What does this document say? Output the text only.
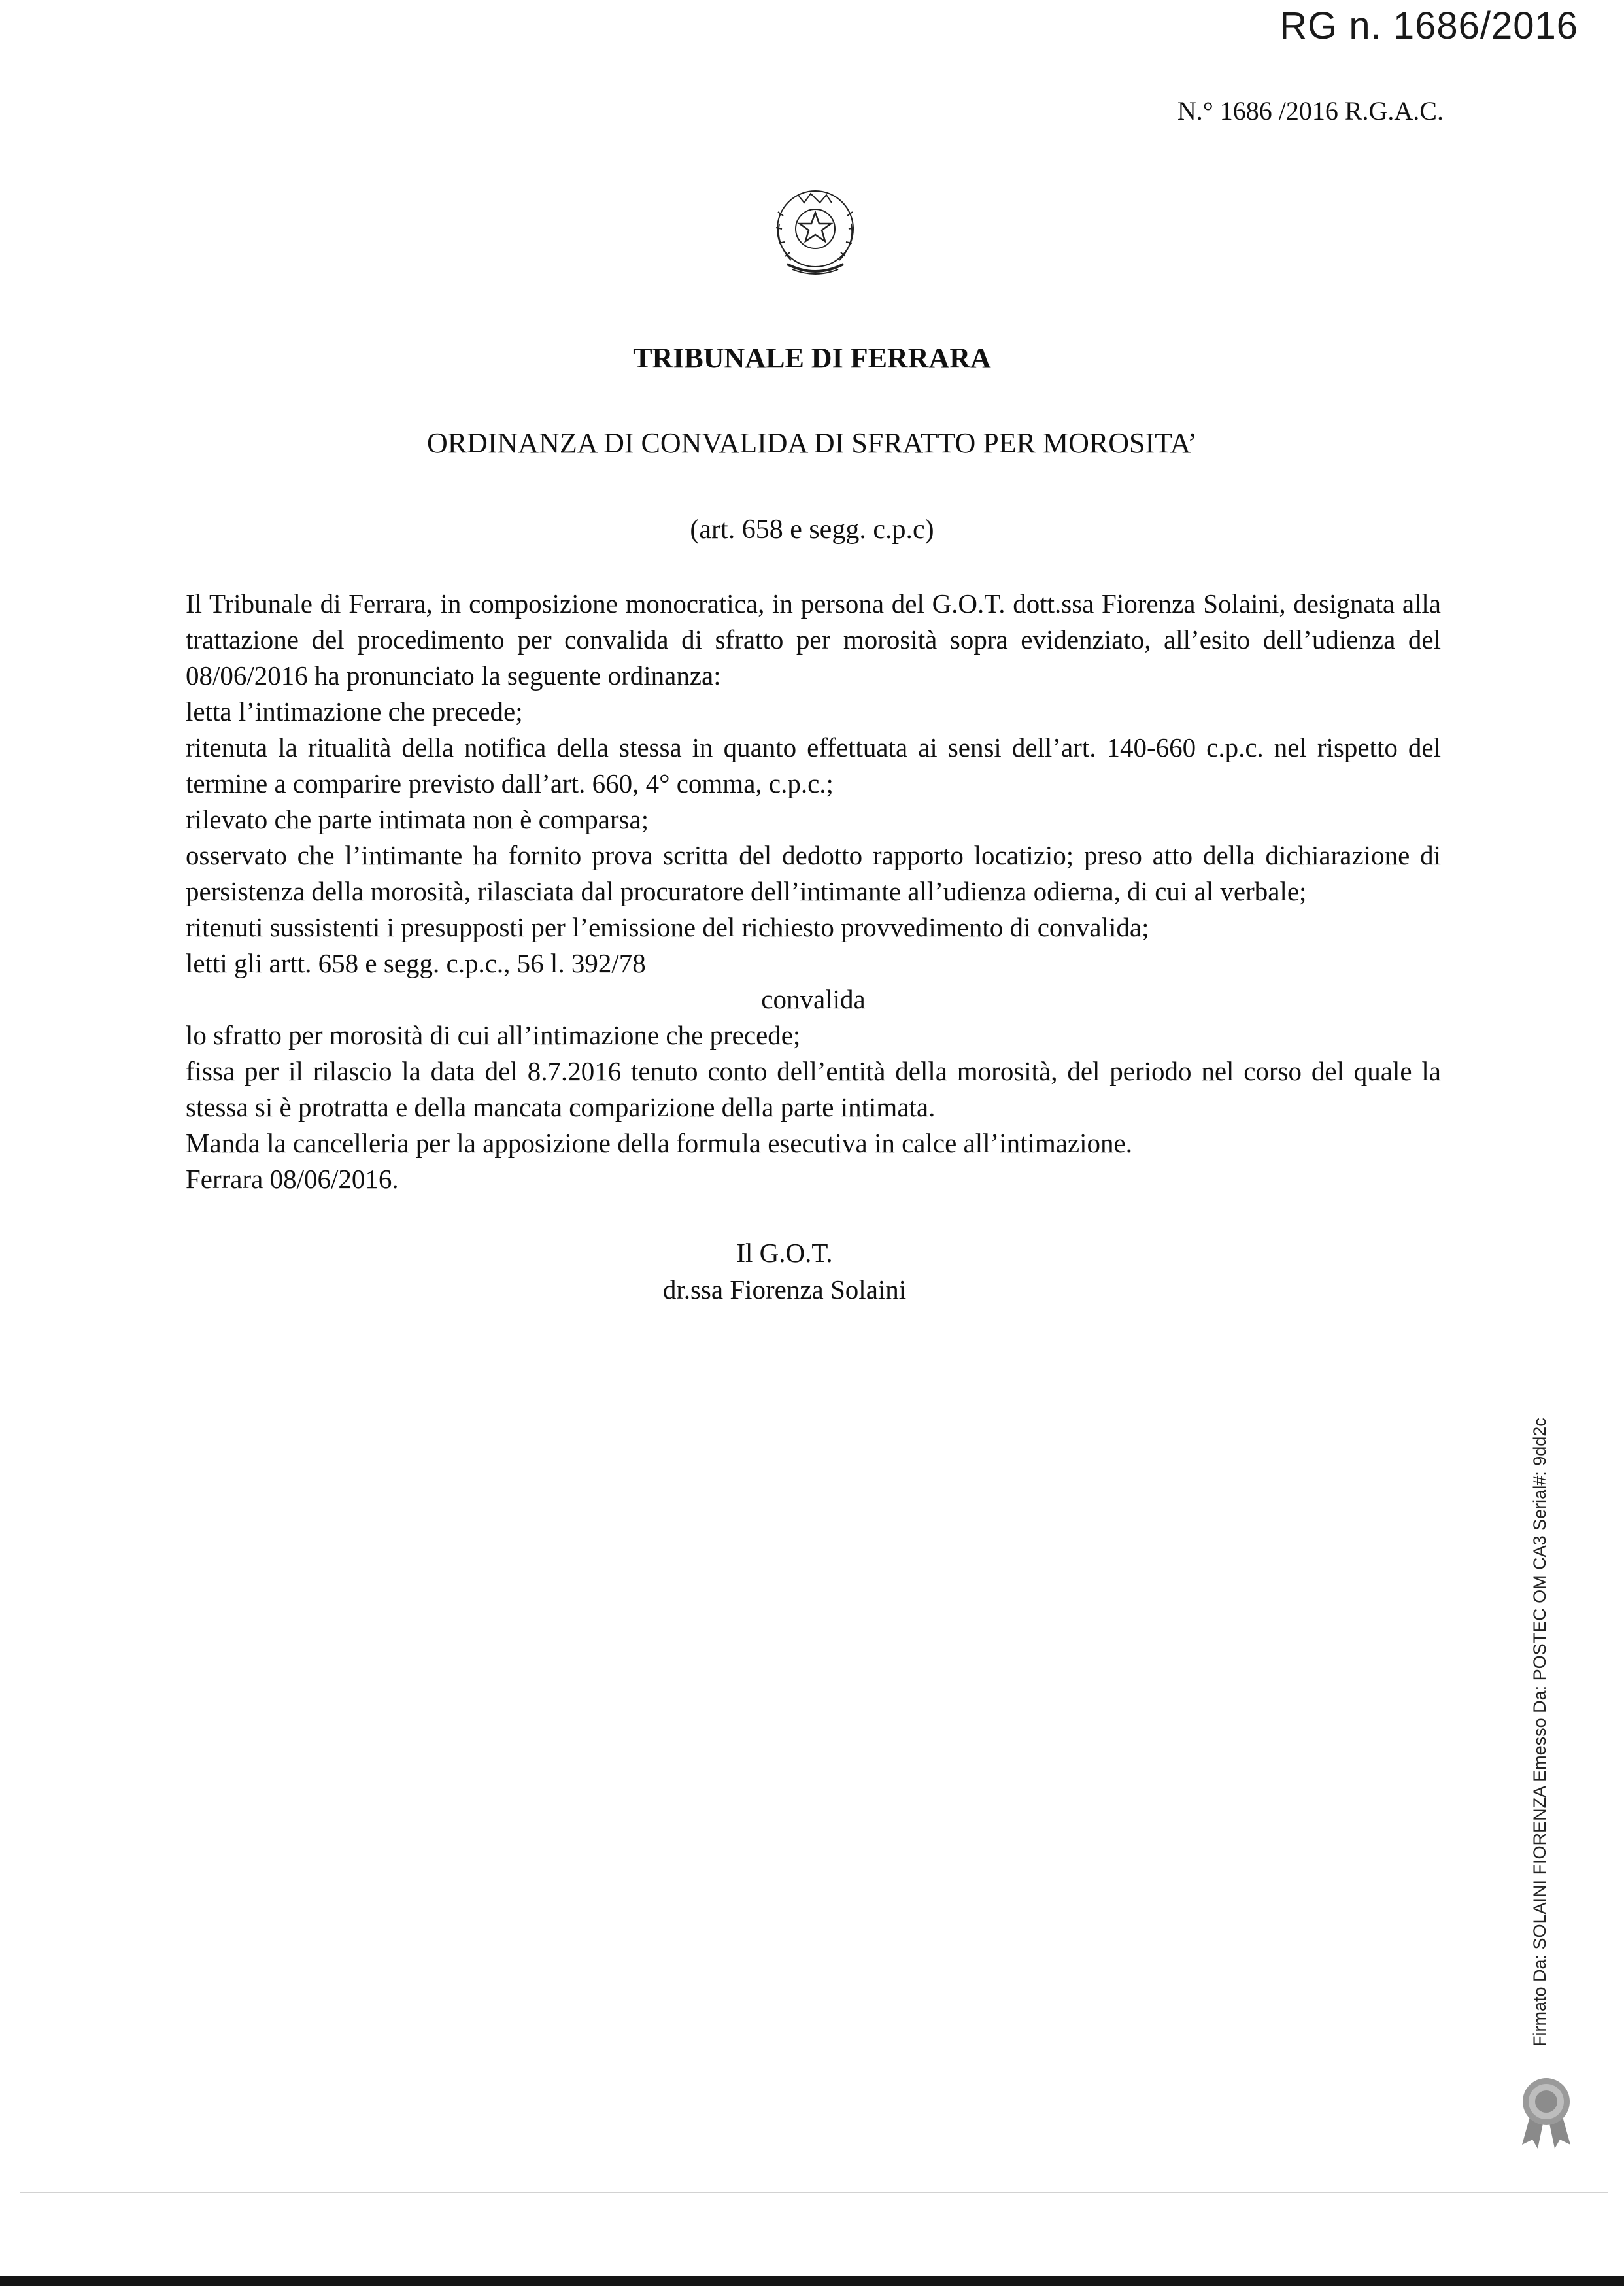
RG n. 1686/2016
N.° 1686 /2016 R.G.A.C.
TRIBUNALE DI FERRARA
ORDINANZA DI CONVALIDA DI SFRATTO PER MOROSITA’
(art. 658 e segg. c.p.c)

Il Tribunale di Ferrara, in composizione monocratica, in persona del G.O.T. dott.ssa Fiorenza Solaini, designata alla trattazione del procedimento per convalida di sfratto per morosità sopra evidenziato, all’esito dell’udienza del 08/06/2016 ha pronunciato la seguente ordinanza:

letta l’intimazione che precede;

ritenuta la ritualità della notifica della stessa in quanto effettuata ai sensi dell’art. 140-660 c.p.c. nel rispetto del termine a comparire previsto dall’art. 660, 4° comma, c.p.c.;

rilevato che parte intimata non è comparsa;

osservato che l’intimante ha fornito prova scritta del dedotto rapporto locatizio; preso atto della dichiarazione di persistenza della morosità, rilasciata dal procuratore dell’intimante all’udienza odierna, di cui al verbale;

ritenuti sussistenti i presupposti per l’emissione del richiesto provvedimento di convalida;

letti gli artt. 658 e segg. c.p.c., 56 l. 392/78

convalida

lo sfratto per morosità di cui all’intimazione che precede;

fissa per il rilascio la data del 8.7.2016 tenuto conto dell’entità della morosità, del periodo nel corso del quale la stessa si è protratta e della mancata comparizione della parte intimata.

Manda la cancelleria per la apposizione della formula esecutiva in calce all’intimazione.

Ferrara 08/06/2016.

Il G.O.T.
dr.ssa Fiorenza Solaini
Firmato Da: SOLAINI FIORENZA Emesso Da: POSTEC OM CA3 Serial#: 9dd2c
